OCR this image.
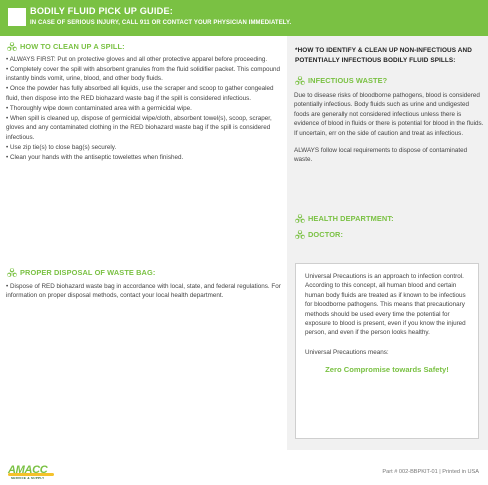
BODILY FLUID PICK UP GUIDE:
IN CASE OF SERIOUS INJURY, CALL 911 OR CONTACT YOUR PHYSICIAN IMMEDIATELY.
HOW TO CLEAN UP A SPILL:
• ALWAYS FIRST: Put on protective gloves and all other protective apparel before proceeding.
• Completely cover the spill with absorbent granules from the fluid solidifier packet. This compound instantly binds vomit, urine, blood, and other body fluids.
• Once the powder has fully absorbed all liquids, use the scraper and scoop to gather congealed fluid, then dispose into the RED biohazard waste bag if the spill is considered infectious.
• Thoroughly wipe down contaminated area with a germicidal wipe.
• When spill is cleaned up, dispose of germicidal wipe/cloth, absorbent towel(s), scoop, scraper, gloves and any contaminated clothing in the RED biohazard waste bag if the spill is considered infectious.
• Use zip tie(s) to close bag(s) securely.
• Clean your hands with the antiseptic towelettes when finished.
PROPER DISPOSAL OF WASTE BAG:
• Dispose of RED biohazard waste bag in accordance with local, state, and federal regulations. For information on proper disposal methods, contact your local health department.
*HOW TO IDENTIFY & CLEAN UP NON-INFECTIOUS AND POTENTIALLY INFECTIOUS BODILY FLUID SPILLS:
INFECTIOUS WASTE?
Due to disease risks of bloodborne pathogens, blood is considered potentially infectious. Body fluids such as urine and undigested foods are generally not considered infectious unless there is evidence of blood in fluids or there is potential for blood in the fluids. If uncertain, err on the side of caution and treat as infectious.
ALWAYS follow local requirements to dispose of contaminated waste.
HEALTH DEPARTMENT:
DOCTOR:
Universal Precautions is an approach to infection control. According to this concept, all human blood and certain human body fluids are treated as if known to be infectious for bloodborne pathogens. This means that precautionary methods should be used every time the potential for exposure to blood is present, even if you know the injured person, and even if the person looks healthy.
Universal Precautions means:
Zero Compromise towards Safety!
AMACC
SERVICE & SUPPLY
Part # 002-BBPKIT-01 | Printed in USA
